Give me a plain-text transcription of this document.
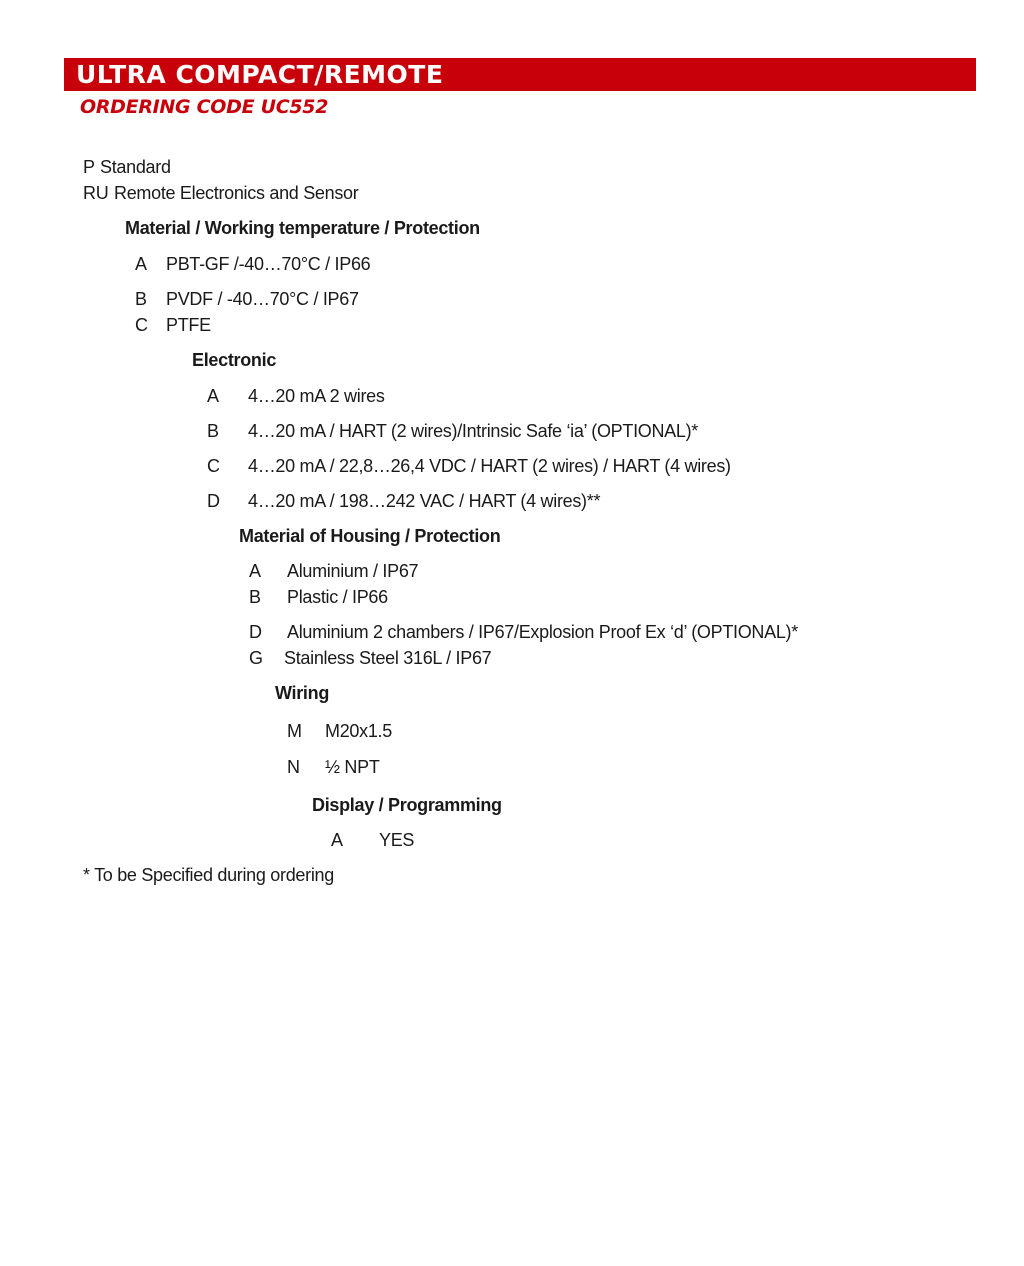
ULTRA COMPACT/REMOTE
ORDERING CODE UC552
P Standard
RU Remote Electronics and Sensor
Material / Working temperature / Protection
A PBT-GF /-40…70°C / IP66
B PVDF / -40…70°C / IP67
C PTFE
Electronic
A 4…20 mA 2 wires
B 4…20 mA / HART (2 wires)/Intrinsic Safe ‘ia’ (OPTIONAL)*
C 4…20 mA / 22,8…26,4 VDC / HART (2 wires) / HART (4 wires)
D 4…20 mA / 198…242 VAC / HART (4 wires)**
Material of Housing / Protection
A Aluminium / IP67
B Plastic / IP66
D Aluminium 2 chambers / IP67/Explosion Proof Ex ‘d’ (OPTIONAL)*
G Stainless Steel 316L / IP67
Wiring
M M20x1.5
N ½ NPT
Display / Programming
A YES
* To be Specified during ordering
